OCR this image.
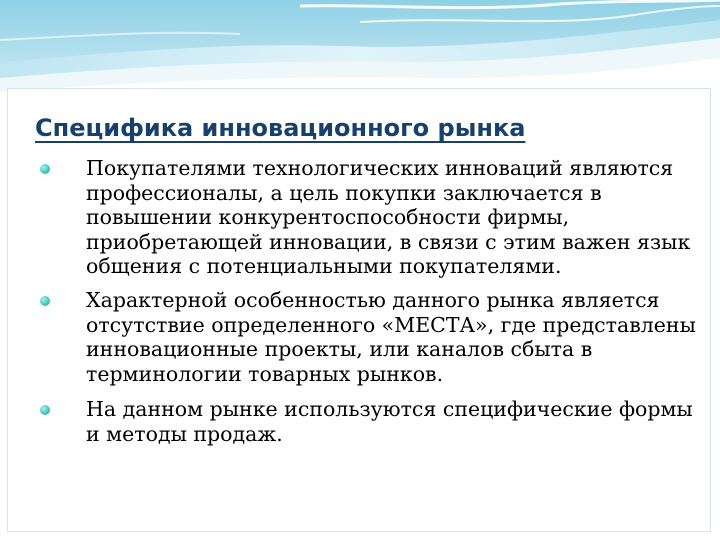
Специфика инновационного рынка
Покупателями технологических инноваций являются профессионалы, а цель покупки заключается в повышении конкурентоспособности фирмы, приобретающей инновации, в связи с этим важен язык общения с потенциальными покупателями.
Характерной особенностью данного рынка является отсутствие определенного «МЕСТА», где представлены инновационные проекты, или каналов сбыта в терминологии товарных рынков.
На данном рынке используются специфические формы и методы продаж.
